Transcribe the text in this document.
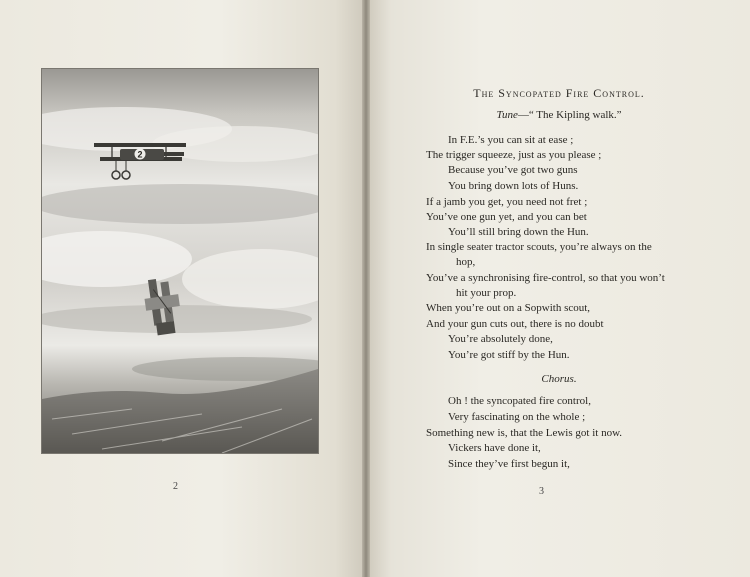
2
2
The Syncopated Fire Control.
Tune—“ The Kipling walk.”
In F.E.’s you can sit at ease ;
The trigger squeeze, just as you please ;
Because you’ve got two guns
You bring down lots of Huns.
If a jamb you get, you need not fret ;
You’ve one gun yet, and you can bet
You’ll still bring down the Hun.
In single seater tractor scouts, you’re always on the
hop,
You’ve a synchronising fire-control, so that you won’t
hit your prop.
When you’re out on a Sopwith scout,
And your gun cuts out, there is no doubt
You’re absolutely done,
You’re got stiff by the Hun.
Chorus.
Oh ! the syncopated fire control,
Very fascinating on the whole ;
Something new is, that the Lewis got it now.
Vickers have done it,
Since they’ve first begun it,
3
